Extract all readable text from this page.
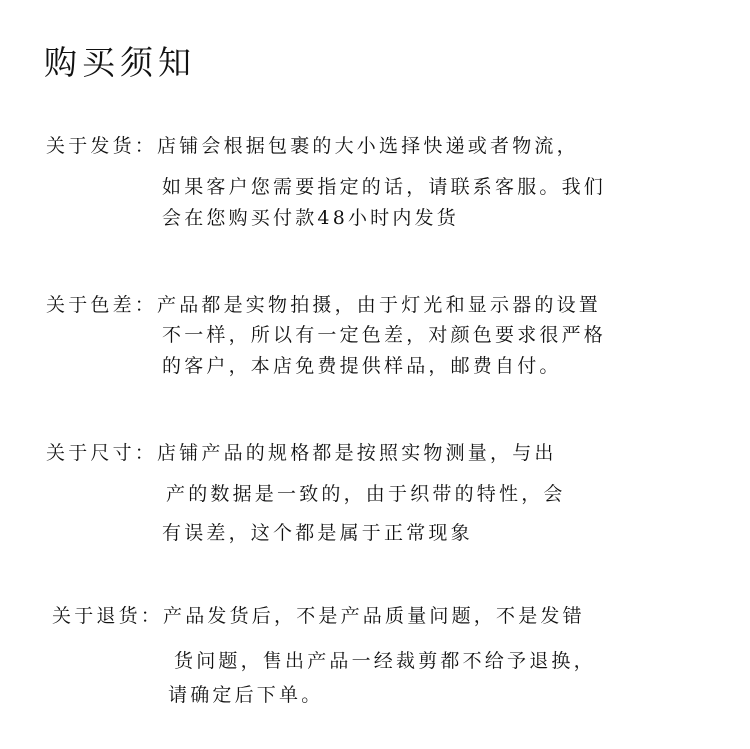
购买须知
关于发货：店铺会根据包裹的大小选择快递或者物流，
如果客户您需要指定的话，请联系客服。我们
会在您购买付款48小时内发货
关于色差：产品都是实物拍摄，由于灯光和显示器的设置
不一样，所以有一定色差，对颜色要求很严格
的客户，本店免费提供样品，邮费自付。
关于尺寸：店铺产品的规格都是按照实物测量，与出
产的数据是一致的，由于织带的特性，会
有误差，这个都是属于正常现象
关于退货：产品发货后，不是产品质量问题，不是发错
货问题，售出产品一经裁剪都不给予退换，
请确定后下单。
